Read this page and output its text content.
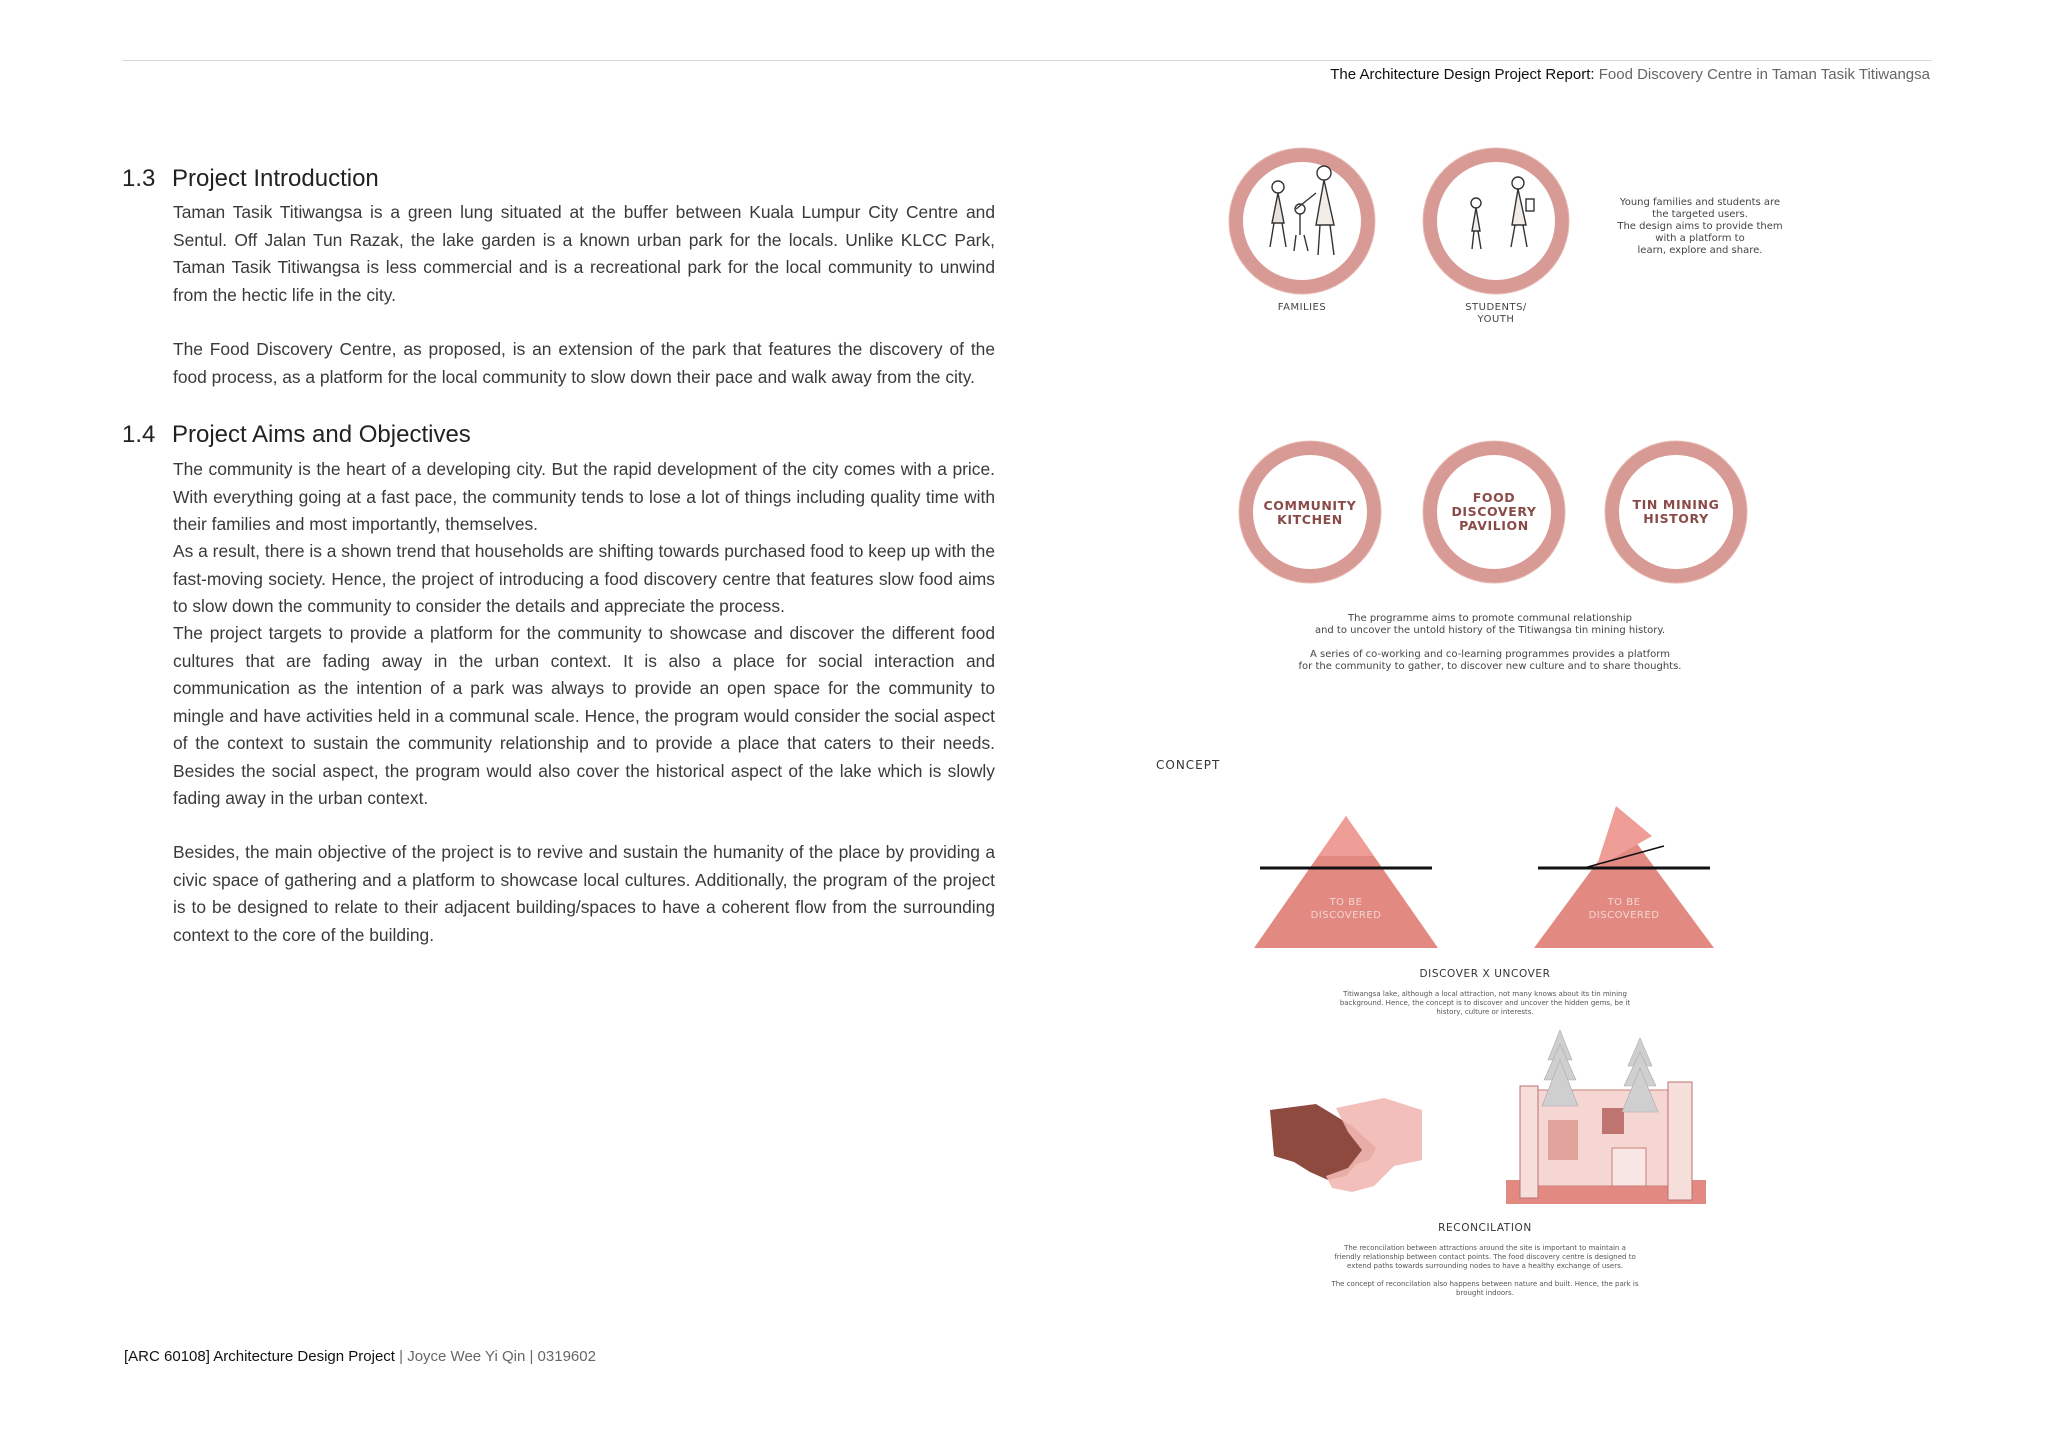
The Architecture Design Project Report: Food Discovery Centre in Taman Tasik Titiwangsa
1.3 Project Introduction

Taman Tasik Titiwangsa is a green lung situated at the buffer between Kuala Lumpur City Centre and Sentul. Off Jalan Tun Razak, the lake garden is a known urban park for the locals. Unlike KLCC Park, Taman Tasik Titiwangsa is less commercial and is a recreational park for the local community to unwind from the hectic life in the city.

The Food Discovery Centre, as proposed, is an extension of the park that features the discovery of the food process, as a platform for the local community to slow down their pace and walk away from the city.

1.4 Project Aims and Objectives

The community is the heart of a developing city. But the rapid development of the city comes with a price. With everything going at a fast pace, the community tends to lose a lot of things including quality time with their families and most importantly, themselves.

As a result, there is a shown trend that households are shifting towards purchased food to keep up with the fast-moving society. Hence, the project of introducing a food discovery centre that features slow food aims to slow down the community to consider the details and appreciate the process.

The project targets to provide a platform for the community to showcase and discover the different food cultures that are fading away in the urban context. It is also a place for social interaction and communication as the intention of a park was always to provide an open space for the community to mingle and have activities held in a communal scale. Hence, the program would consider the social aspect of the context to sustain the community relationship and to provide a place that caters to their needs. Besides the social aspect, the program would also cover the historical aspect of the lake which is slowly fading away in the urban context.

Besides, the main objective of the project is to revive and sustain the humanity of the place by providing a civic space of gathering and a platform to showcase local cultures. Additionally, the program of the project is to be designed to relate to their adjacent building/spaces to have a coherent flow from the surrounding context to the core of the building.

[ARC 60108] Architecture Design Project | Joyce Wee Yi Qin | 0319602
FAMILIES	STUDENTS/
YOUTH
Young families and students are
the targeted users.
The design aims to provide them
with a platform to
learn, explore and share.
COMMUNITY
KITCHEN
FOOD
DISCOVERY
PAVILION
TIN MINING
HISTORY
The programme aims to promote communal relationship
and to uncover the untold history of the Titiwangsa tin mining history.
A series of co-working and co-learning programmes provides a platform
for the community to gather, to discover new culture and to share thoughts.
CONCEPT
TO BE
DISCOVERED
TO BE
DISCOVERED
DISCOVER X UNCOVER
Titiwangsa lake, although a local attraction, not many knows about its tin mining
background. Hence, the concept is to discover and uncover the hidden gems, be it
history, culture or interests.
RECONCILATION
The reconcilation between attractions around the site is important to maintain a
friendly relationship between contact points. The food discovery centre is designed to
extend paths towards surrounding nodes to have a healthy exchange of users.
The concept of reconcilation also happens between nature and built. Hence, the park is
brought indoors.
